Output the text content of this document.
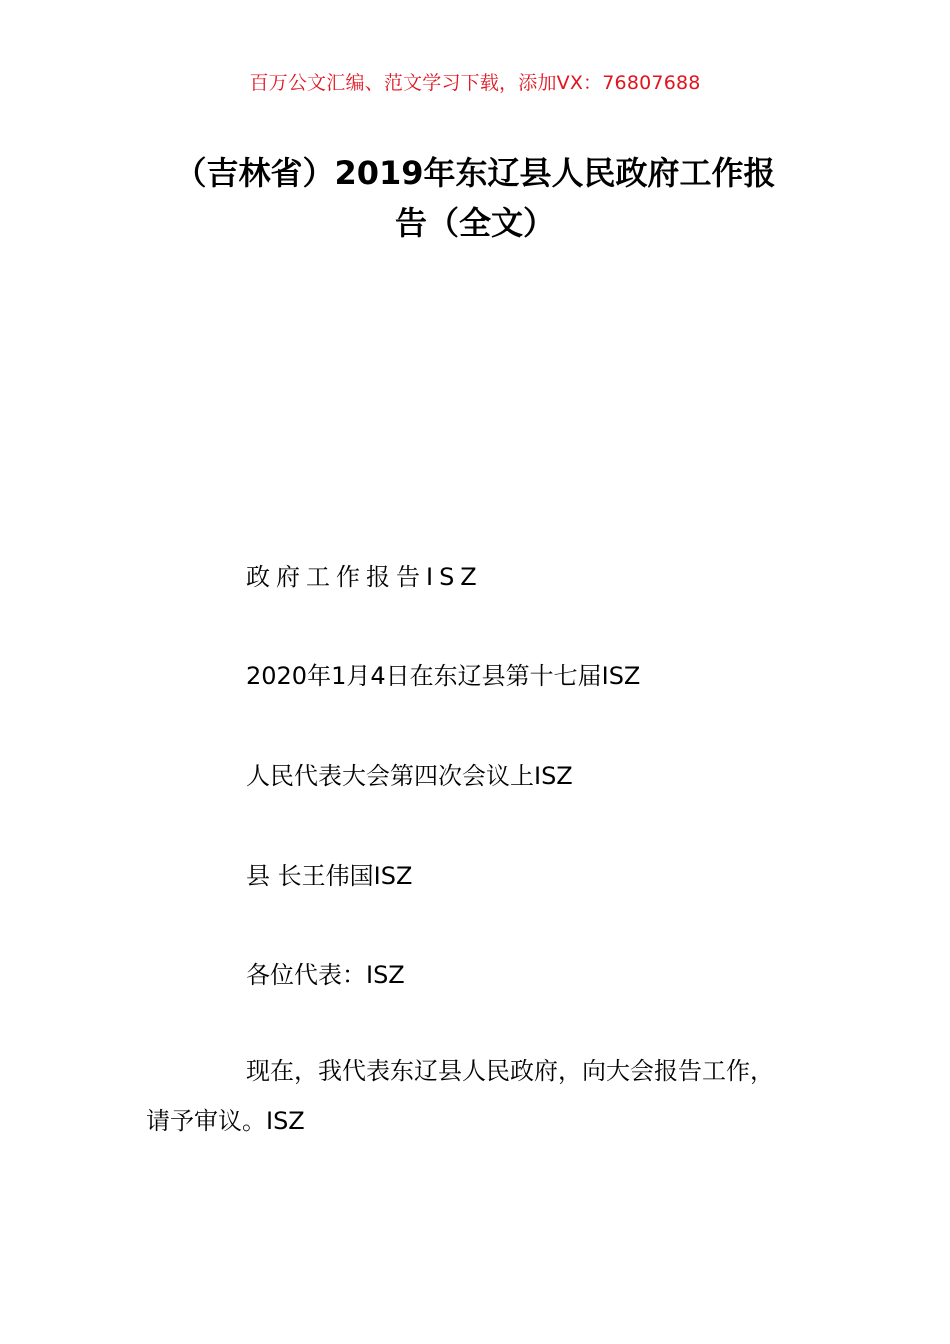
百万公文汇编、范文学习下载，添加VX：76807688
（吉林省）2019年东辽县人民政府工作报
告（全文）
政府工作报告ISZ
2020年1月4日在东辽县第十七届ISZ
人民代表大会第四次会议上ISZ
县 长王伟国ISZ
各位代表：ISZ
现在，我代表东辽县人民政府，向大会报告工作，
请予审议。ISZ
